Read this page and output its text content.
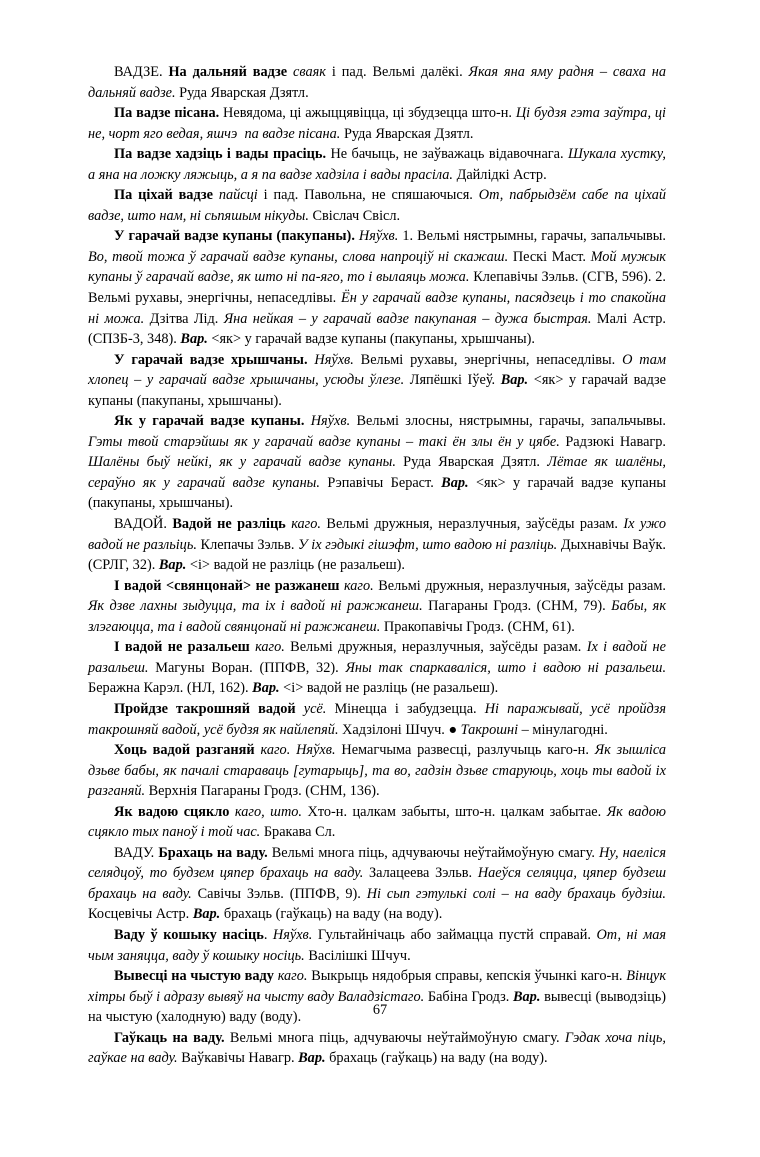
ВАДЗЕ. На дальняй вадзе сваяк і пад. Вельмі далёкі. Якая яна яму радня – сваха на дальняй вадзе. Руда Яварская Дзятл.

Па вадзе пісана. Невядома, ці ажыццявіцца, ці збудзецца што-н. Ці будзя гэта заўтра, ці не, чорт яго ведая, яшчэ  па вадзе пісана. Руда Яварская Дзятл.

Па вадзе хадзіць і вады прасіць. Не бачыць, не заўважаць відавочнага. Шукала хустку, а яна на ложку ляжыць, а я па вадзе хадзіла і вады прасіла. Дайлідкі Астр.

Па ціхай вадзе пайсці і пад. Павольна, не спяшаючыся. От, пабрыдзём сабе па ціхай вадзе, што нам, ні сьпяшым нікуды. Свіслач Свісл.

У гарачай вадзе купаны (пакупаны). Няўхв. 1. Вельмі нястрымны, гарачы, запальчывы. Во, твой тожа ў гарачай вадзе купаны, слова напроціў ні скажаш. Пескі Маст. Мой мужык купаны ў гарачай вадзе, як што ні па-яго, то і вылаяць можа. Клепавічы Зэльв. (СГВ, 596). 2. Вельмі рухавы, энергічны, непаседлівы. Ён у гарачай вадзе купаны, пасядзець і то спакойна ні можа. Дзітва Лід. Яна нейкая – у гарачай вадзе пакупаная – дужа быстрая. Малі Астр. (СПЗБ-3, 348). Вар. <як> у гарачай вадзе купаны (пакупаны, хрышчаны).

У гарачай вадзе хрышчаны. Няўхв. Вельмі рухавы, энергічны, непаседлівы. О там хлопец – у гарачай вадзе хрышчаны, усюды ўлезе. Ляпёшкі Іўеў. Вар. <як> у гарачай вадзе купаны (пакупаны, хрышчаны).

Як у гарачай вадзе купаны. Няўхв. Вельмі злосны, нястрымны, гарачы, запальчывы. Гэты твой старэйшы як у гарачай вадзе купаны – такі ён злы ён у цябе. Радзюкі Навагр. Шалёны быў нейкі, як у гарачай вадзе купаны. Руда Яварская Дзятл. Лётае як шалёны, сераўно як у гарачай вадзе купаны. Рэпавічы Бераст. Вар. <як> у гарачай вадзе купаны (пакупаны, хрышчаны).

ВАДОЙ. Вадой не разліць каго. Вельмі дружныя, неразлучныя, заўсёды разам. Іх ужо вадой не разльіць. Клепачы Зэльв. У іх гэдыкі гішэфт, што вадою ні разліць. Дыхнавічы Ваўк. (СРЛГ, 32). Вар. <і> вадой не разліць (не разальеш).

І вадой <свянцонай> не разжанеш каго. Вельмі дружныя, неразлучныя, заўсёды разам. Як дзве лахны зыдуцца, та іх і вадой ні ражжанеш. Пагараны Гродз. (СНМ, 79). Бабы, як злэгаюцца, та і вадой свянцонай ні ражжанеш. Пракопавічы Гродз. (СНМ, 61).

І вадой не разальеш каго. Вельмі дружныя, неразлучныя, заўсёды разам. Іх і вадой не разальеш. Магуны Воран. (ППФВ, 32). Яны так спаркаваліся, што і вадою ні разальеш. Беражна Карэл. (НЛ, 162). Вар. <і> вадой не разліць (не разальеш).

Пройдзе такрошняй вадой усё. Мінецца і забудзецца. Ні паражывай, усё пройдзя такрошняй вадой, усё будзя як найлепяй. Хадзілоні Шчуч. ● Такрошні – мінулагодні.

Хоць вадой разганяй каго. Няўхв. Немагчыма развесці, разлучыць каго-н. Як зышліса дзьве бабы, як пачалі стараваць [гутарыць], та во, гадзін дзьве старуюць, хоць ты вадой іх разганяй. Верхнія Пагараны Гродз. (СНМ, 136).

Як вадою сцякло каго, што. Хто-н. цалкам забыты, што-н. цалкам забытае. Як вадою сцякло тых паноў і той час. Бракава Сл.

ВАДУ. Брахаць на ваду. Вельмі многа піць, адчуваючы неўтаймоўную смагу. Ну, наеліся селядцоў, то будзем цяпер брахаць на ваду. Залацеева Зэльв. Наеўся селяцца, цяпер будзеш брахаць на ваду. Савічы Зэльв. (ППФВ, 9). Ні сып гэтулькі солі – на ваду брахаць будзіш. Косцевічы Астр. Вар. брахаць (гаўкаць) на ваду (на воду).

Ваду ў кошыку насіць. Няўхв. Гультайнічаць або займацца пустй справай. От, ні мая чым заняцца, ваду ў кошыку носіць. Васілішкі Шчуч.

Вывесці на чыстую ваду каго. Выкрыць нядобрыя справы, кепскія ўчынкі каго-н. Вінцук хітры быў і адразу вывяў на чысту ваду Валадзістаго. Бабіна Гродз. Вар. вывесці (выводзіць) на чыстую (халодную) ваду (воду).

Гаўкаць на ваду. Вельмі многа піць, адчуваючы неўтаймоўную смагу. Гэдак хоча піць, гаўкае на ваду. Ваўкавічы Навагр. Вар. брахаць (гаўкаць) на ваду (на воду).

67
